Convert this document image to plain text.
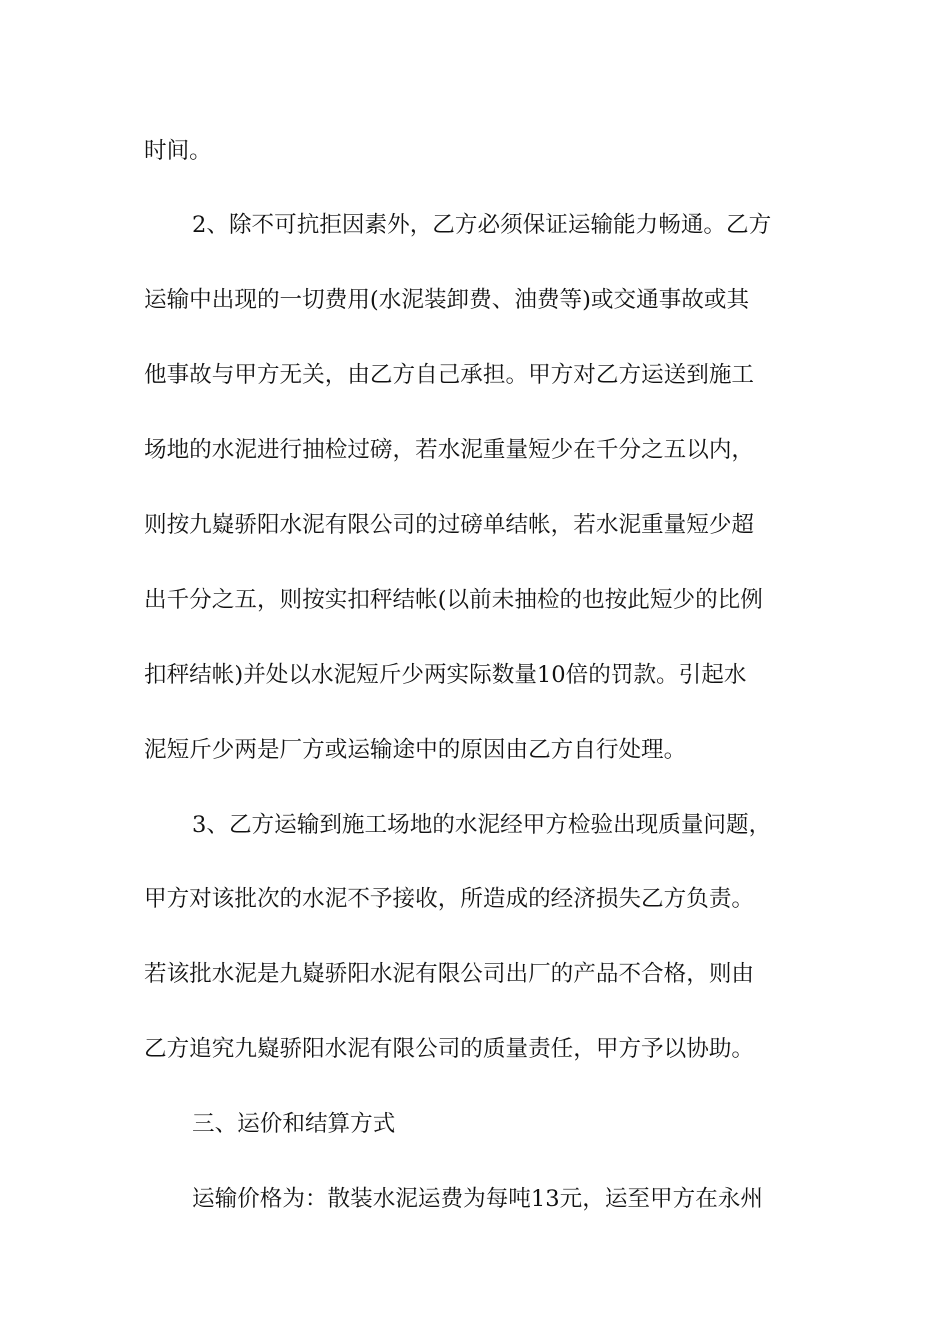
时间。
2、除不可抗拒因素外，乙方必须保证运输能力畅通。乙方
运输中出现的一切费用(水泥装卸费、油费等)或交通事故或其
他事故与甲方无关，由乙方自己承担。甲方对乙方运送到施工
场地的水泥进行抽检过磅，若水泥重量短少在千分之五以内，
则按九嶷骄阳水泥有限公司的过磅单结帐，若水泥重量短少超
出千分之五，则按实扣秤结帐(以前未抽检的也按此短少的比例
扣秤结帐)并处以水泥短斤少两实际数量10倍的罚款。引起水
泥短斤少两是厂方或运输途中的原因由乙方自行处理。
3、乙方运输到施工场地的水泥经甲方检验出现质量问题，
甲方对该批次的水泥不予接收，所造成的经济损失乙方负责。
若该批水泥是九嶷骄阳水泥有限公司出厂的产品不合格，则由
乙方追究九嶷骄阳水泥有限公司的质量责任，甲方予以协助。
三、运价和结算方式
运输价格为：散装水泥运费为每吨13元，运至甲方在永州
